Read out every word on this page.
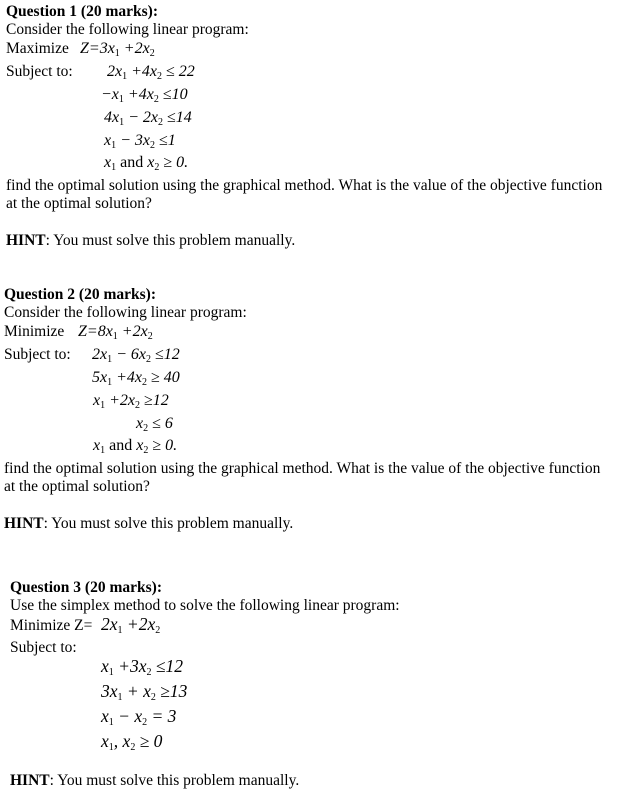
Question 1 (20 marks):
Consider the following linear program:
Maximize $Z=3x_1 +2x_2$
Subject to: $2x_1 +4x_2 \le 22$
$-x_1 +4x_2 \le 10$
$4x_1 - 2x_2 \le 14$
$x_1 - 3x_2 \le 1$
$x_1$ and $x_2 \ge 0$.
find the optimal solution using the graphical method. What is the value of the objective function
at the optimal solution?
HINT: You must solve this problem manually.
Question 2 (20 marks):
Consider the following linear program:
Minimize $Z=8x_1 +2x_2$
Subject to: $2x_1 - 6x_2 \le 12$
$5x_1 +4x_2 \ge 40$
$x_1 +2x_2 \ge 12$
$x_2 \le 6$
$x_1$ and $x_2 \ge 0$.
find the optimal solution using the graphical method. What is the value of the objective function
at the optimal solution?
HINT: You must solve this problem manually.
Question 3 (20 marks):
Use the simplex method to solve the following linear program:
Minimize $Z= 2x_1 +2x_2$
Subject to:
$x_1 +3x_2 \le 12$
$3x_1 + x_2 \ge 13$
$x_1 - x_2 = 3$
$x_1$, $x_2 \ge 0$
HINT: You must solve this problem manually.
